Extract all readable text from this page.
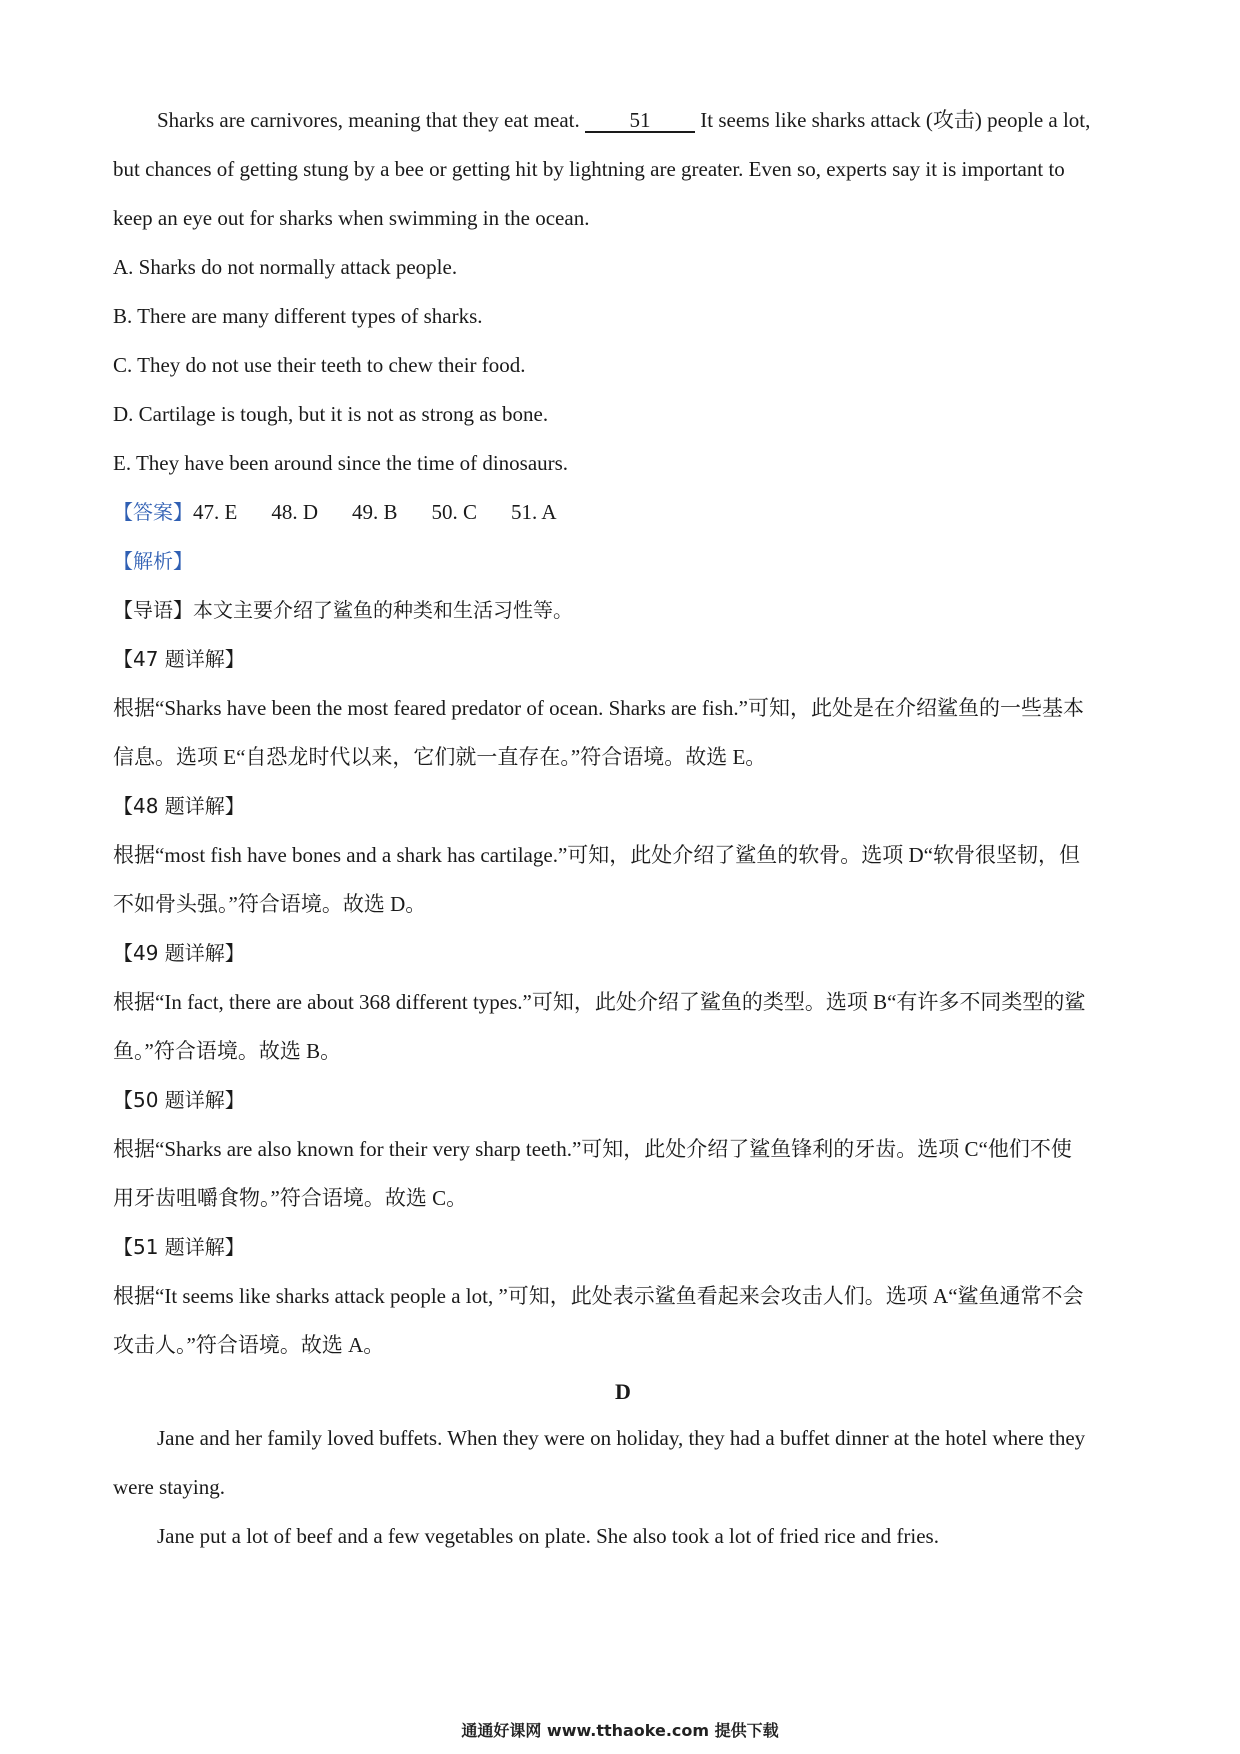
Sharks are carnivores, meaning that they eat meat. 51 It seems like sharks attack (攻击) people a lot,
but chances of getting stung by a bee or getting hit by lightning are greater. Even so, experts say it is important to
keep an eye out for sharks when swimming in the ocean.
A. Sharks do not normally attack people.
B. There are many different types of sharks.
C. They do not use their teeth to chew their food.
D. Cartilage is tough, but it is not as strong as bone.
E. They have been around since the time of dinosaurs.
【答案】47. E 48. D 49. B 50. C 51. A
【解析】
【导语】本文主要介绍了鲨鱼的种类和生活习性等。
【47 题详解】
根据“Sharks have been the most feared predator of ocean. Sharks are fish.”可知，此处是在介绍鲨鱼的一些基本
信息。选项 E“自恐龙时代以来，它们就一直存在。”符合语境。故选 E。
【48 题详解】
根据“most fish have bones and a shark has cartilage.”可知，此处介绍了鲨鱼的软骨。选项 D“软骨很坚韧，但
不如骨头强。”符合语境。故选 D。
【49 题详解】
根据“In fact, there are about 368 different types.”可知，此处介绍了鲨鱼的类型。选项 B“有许多不同类型的鲨
鱼。”符合语境。故选 B。
【50 题详解】
根据“Sharks are also known for their very sharp teeth.”可知，此处介绍了鲨鱼锋利的牙齿。选项 C“他们不使
用牙齿咀嚼食物。”符合语境。故选 C。
【51 题详解】
根据“It seems like sharks attack people a lot, ”可知，此处表示鲨鱼看起来会攻击人们。选项 A“鲨鱼通常不会
攻击人。”符合语境。故选 A。
D
Jane and her family loved buffets. When they were on holiday, they had a buffet dinner at the hotel where they
were staying.
Jane put a lot of beef and a few vegetables on plate. She also took a lot of fried rice and fries.
通通好课网 www.tthaoke.com 提供下载
